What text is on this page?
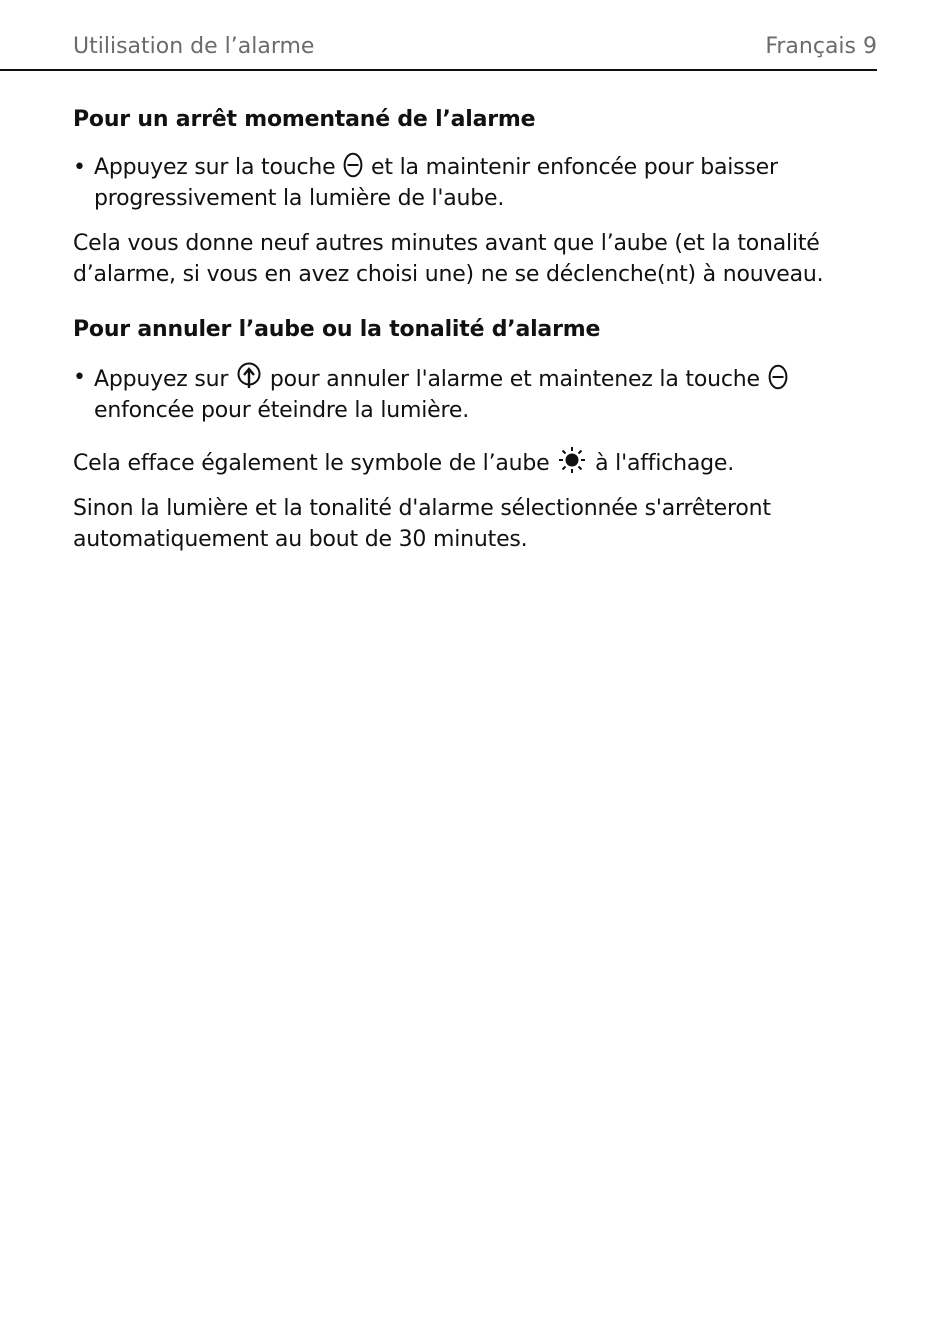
Utilisation de l’alarme	Français 9
Pour un arrêt momentané de l’alarme

• Appuyez sur la touche et la maintenir enfoncée pour baisser progressivement la lumière de l'aube.

Cela vous donne neuf autres minutes avant que l’aube (et la tonalité d’alarme, si vous en avez choisi une) ne se déclenche(nt) à nouveau.

Pour annuler l’aube ou la tonalité d’alarme

• Appuyez sur pour annuler l'alarme et maintenez la touche
enfoncée pour éteindre la lumière.

Cela efface également le symbole de l’aube à l'affichage.

Sinon la lumière et la tonalité d'alarme sélectionnée s'arrêteront automatiquement au bout de 30 minutes.
